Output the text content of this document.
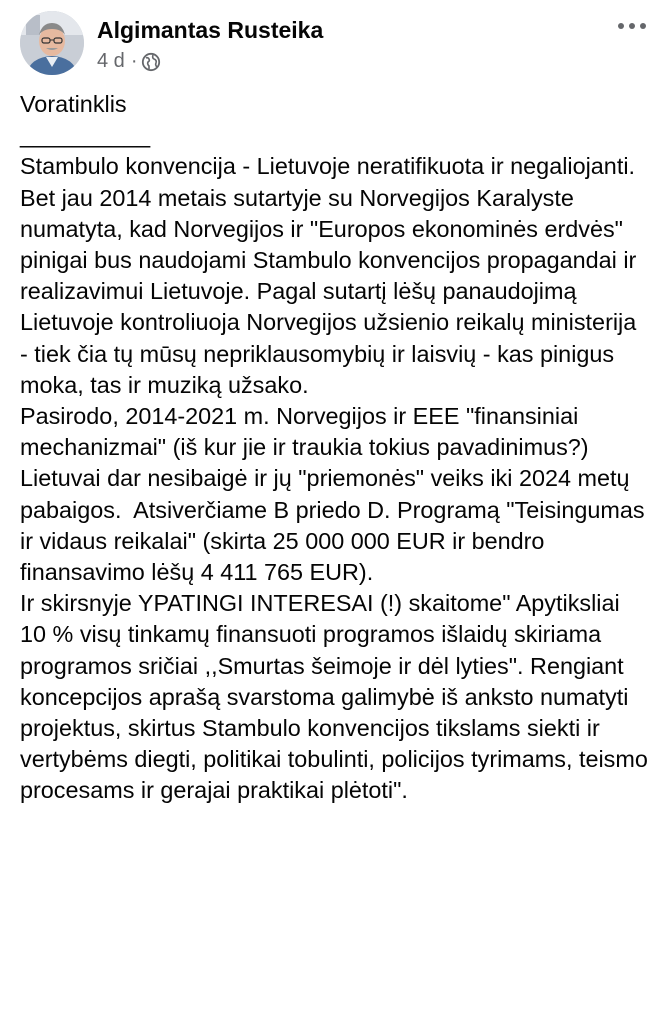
Algimantas Rusteika
4 d ·

Voratinklis

__________

Stambulo konvencija - Lietuvoje neratifikuota ir negaliojanti. Bet jau 2014 metais sutartyje su Norvegijos Karalyste numatyta, kad Norvegijos ir "Europos ekonominės erdvės"  pinigai bus naudojami Stambulo konvencijos propagandai ir  realizavimui Lietuvoje. Pagal sutartį lėšų panaudojimą Lietuvoje kontroliuoja Norvegijos užsienio reikalų ministerija - tiek čia tų mūsų nepriklausomybių ir laisvių - kas pinigus moka, tas ir muziką užsako.

Pasirodo, 2014-2021 m. Norvegijos ir EEE "finansiniai mechanizmai" (iš kur jie ir traukia tokius pavadinimus?) Lietuvai dar nesibaigė ir jų "priemonės" veiks iki 2024 metų pabaigos.  Atsiverčiame B priedo D. Programą "Teisingumas ir vidaus reikalai" (skirta 25 000 000 EUR ir bendro finansavimo lėšų 4 411 765 EUR).

Ir skirsnyje YPATINGI INTERESAI (!) skaitome" Apytiksliai 10 % visų tinkamų finansuoti programos išlaidų skiriama programos sričiai ,,Smurtas šeimoje ir dėl lyties". Rengiant koncepcijos aprašą svarstoma galimybė iš anksto numatyti projektus, skirtus Stambulo konvencijos tikslams siekti ir vertybėms diegti, politikai tobulinti, policijos tyrimams, teismo  procesams ir gerajai praktikai plėtoti".
